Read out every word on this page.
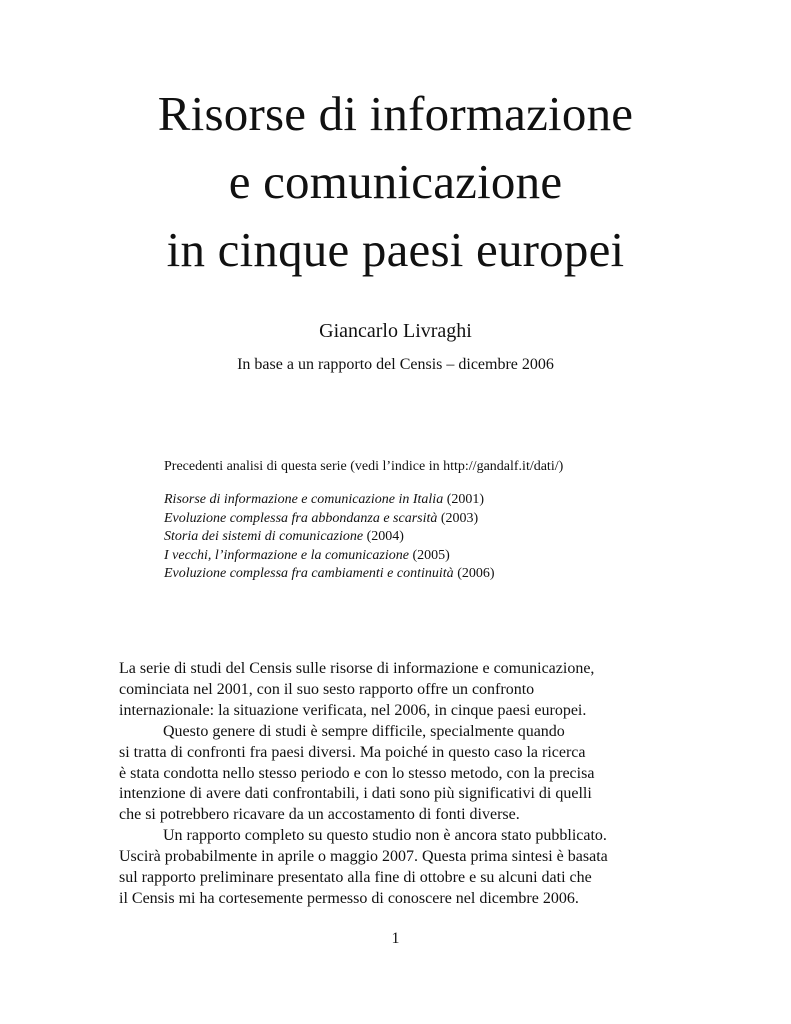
Risorse di informazione
e comunicazione
in cinque paesi europei
Giancarlo Livraghi
In base a un rapporto del Censis – dicembre 2006
Precedenti analisi di questa serie (vedi l’indice in http://gandalf.it/dati/)
Risorse di informazione e comunicazione in Italia (2001)
Evoluzione complessa fra abbondanza e scarsità (2003)
Storia dei sistemi di comunicazione (2004)
I vecchi, l’informazione e la comunicazione (2005)
Evoluzione complessa fra cambiamenti e continuità (2006)
La serie di studi del Censis sulle risorse di informazione e comunicazione,
cominciata nel 2001, con il suo sesto rapporto offre un confronto
internazionale: la situazione verificata, nel 2006, in cinque paesi europei.
Questo genere di studi è sempre difficile, specialmente quando
si tratta di confronti fra paesi diversi. Ma poiché in questo caso la ricerca
è stata condotta nello stesso periodo e con lo stesso metodo, con la precisa
intenzione di avere dati confrontabili, i dati sono più significativi di quelli
che si potrebbero ricavare da un accostamento di fonti diverse.
Un rapporto completo su questo studio non è ancora stato pubblicato.
Uscirà probabilmente in aprile o maggio 2007. Questa prima sintesi è basata
sul rapporto preliminare presentato alla fine di ottobre e su alcuni dati che
il Censis mi ha cortesemente permesso di conoscere nel dicembre 2006.
1
